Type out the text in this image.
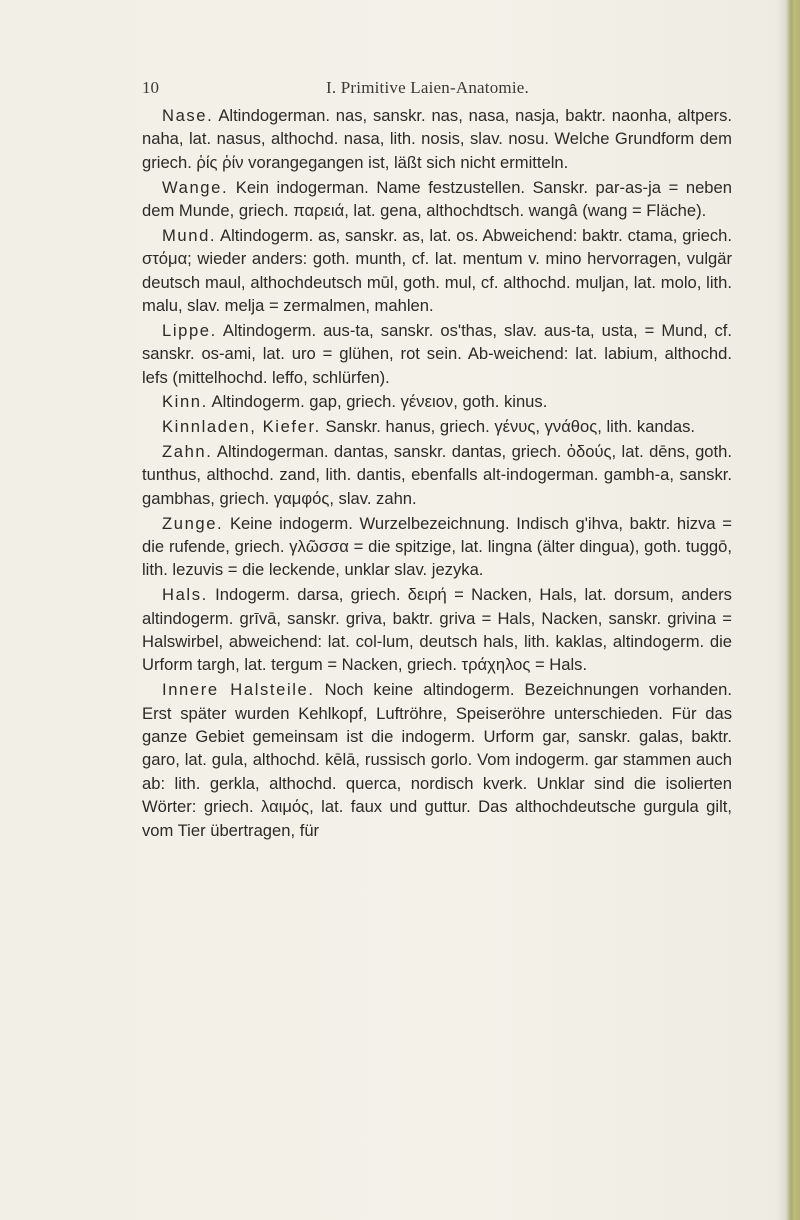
10	I. Primitive Laien-Anatomie.

Nase. Altindogerman. nas, sanskr. nas, nasa, nasja, baktr. naonha, altpers. naha, lat. nasus, althochd. nasa, lith. nosis, slav. nosu. Welche Grundform dem griech. ῥίς ῥίν vorangegangen ist, läßt sich nicht ermitteln.

Wange. Kein indogerman. Name festzustellen. Sanskr. par-as-ja = neben dem Munde, griech. παρειά, lat. gena, althochdtsch. wangâ (wang = Fläche).

Mund. Altindogerm. as, sanskr. as, lat. os. Abweichend: baktr. ctama, griech. στόμα; wieder anders: goth. munth, cf. lat. mentum v. mino hervorragen, vulgär deutsch maul, althochdeutsch mūl, goth. mul, cf. althochd. muljan, lat. molo, lith. malu, slav. melja = zermalmen, mahlen.

Lippe. Altindogerm. aus-ta, sanskr. os'thas, slav. aus-ta, usta, = Mund, cf. sanskr. os-ami, lat. uro = glühen, rot sein. Ab-weichend: lat. labium, althochd. lefs (mittelhochd. leffo, schlürfen).

Kinn. Altindogerm. gap, griech. γένειον, goth. kinus.

Kinnladen, Kiefer. Sanskr. hanus, griech. γένυς, γνάθος, lith. kandas.

Zahn. Altindogerman. dantas, sanskr. dantas, griech. ὀδούς, lat. dēns, goth. tunthus, althochd. zand, lith. dantis, ebenfalls alt-indogerman. gambh-a, sanskr. gambhas, griech. γαμφός, slav. zahn.

Zunge. Keine indogerm. Wurzelbezeichnung. Indisch g'ihva, baktr. hizva = die rufende, griech. γλῶσσα = die spitzige, lat. lingna (älter dingua), goth. tuggō, lith. lezuvis = die leckende, unklar slav. jezyka.

Hals. Indogerm. darsa, griech. δειρή = Nacken, Hals, lat. dorsum, anders altindogerm. grīvā, sanskr. griva, baktr. griva = Hals, Nacken, sanskr. grivina = Halswirbel, abweichend: lat. col-lum, deutsch hals, lith. kaklas, altindogerm. die Urform targh, lat. tergum = Nacken, griech. τράχηλος = Hals.

Innere Halsteile. Noch keine altindogerm. Bezeichnungen vorhanden. Erst später wurden Kehlkopf, Luftröhre, Speiseröhre unterschieden. Für das ganze Gebiet gemeinsam ist die indogerm. Urform gar, sanskr. galas, baktr. garo, lat. gula, althochd. kēlā, russisch gorlo. Vom indogerm. gar stammen auch ab: lith. gerkla, althochd. querca, nordisch kverk. Unklar sind die isolierten Wörter: griech. λαιμός, lat. faux und guttur. Das althochdeutsche gurgula gilt, vom Tier übertragen, für
